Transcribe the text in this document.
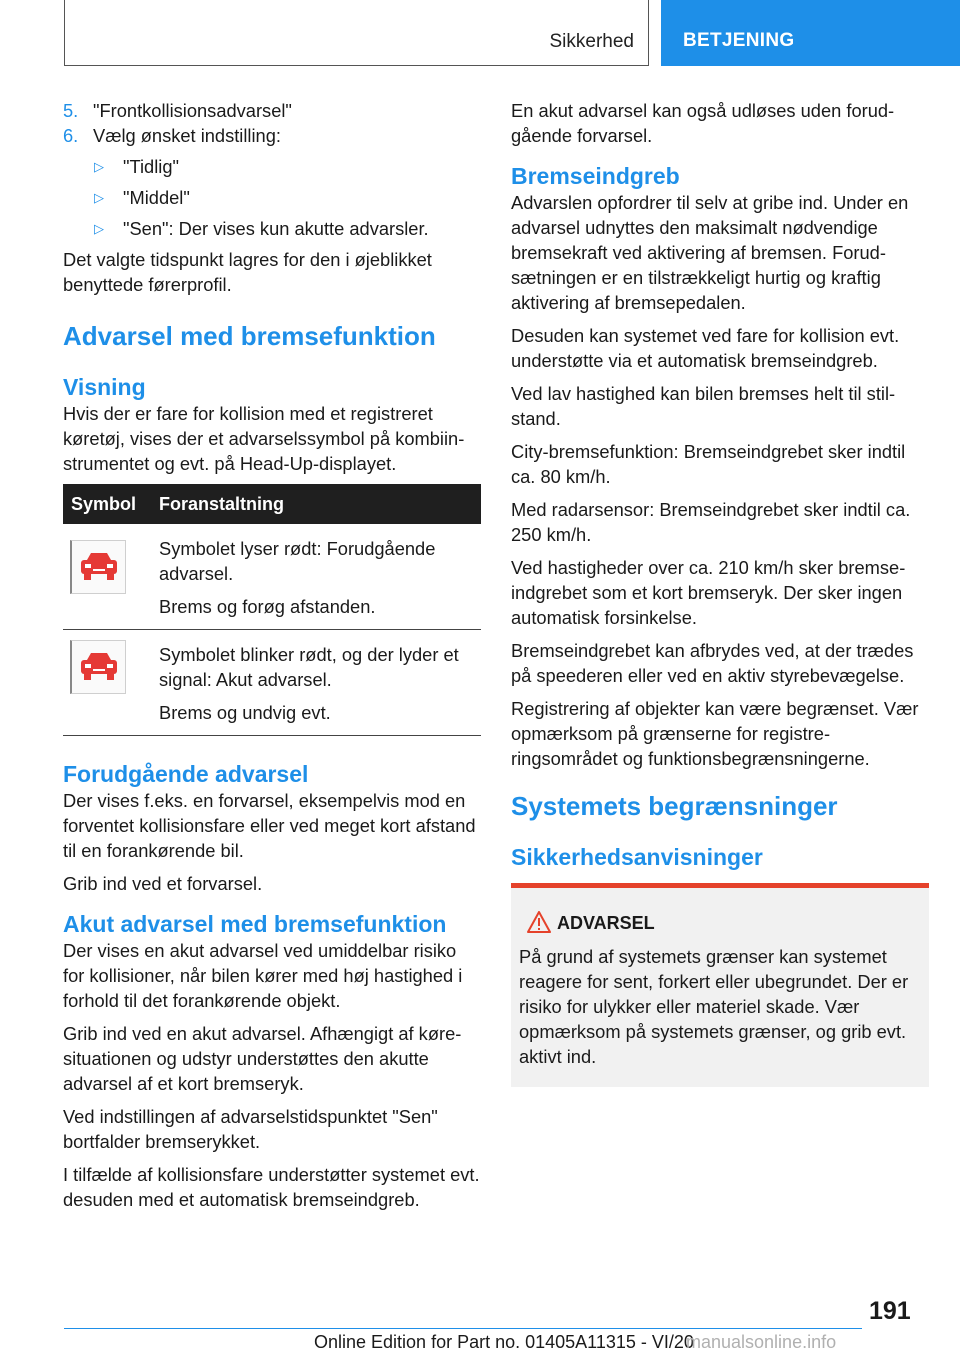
Sikkerhed	BETJENING
5. "Frontkollisionsadvarsel"
6. Vælg ønsket indstilling:
▷ "Tidlig"
▷ "Middel"
▷ "Sen": Der vises kun akutte advarsler.

Det valgte tidspunkt lagres for den i øjeblikket benyttede førerprofil.

Advarsel med bremsefunktion
Visning

Hvis der er fare for kollision med et registreret køretøj, vises der et advarselssymbol på kombiinstrumentet og evt. på Head-Up-displayet.

Symbol	Foranstaltning

Symbolet lyser rødt: Forudgående advarsel.
Brems og forøg afstanden.

Symbolet blinker rødt, og der lyder et signal: Akut advarsel.
Brems og undvig evt.
Forudgående advarsel

Der vises f.eks. en forvarsel, eksempelvis mod en forventet kollisionsfare eller ved meget kort afstand til en forankørende bil.

Grib ind ved et forvarsel.

Akut advarsel med bremsefunktion

Der vises en akut advarsel ved umiddelbar risiko for kollisioner, når bilen kører med høj hastighed i forhold til det forankørende objekt.

Grib ind ved en akut advarsel. Afhængigt af køresituationen og udstyr understøttes den akutte advarsel af et kort bremseryk.

Ved indstillingen af advarselstidspunktet "Sen" bortfalder bremserykket.

I tilfælde af kollisionsfare understøtter systemet evt. desuden med et automatisk bremseindgreb.

En akut advarsel kan også udløses uden forudgående forvarsel.

Bremseindgreb

Advarslen opfordrer til selv at gribe ind. Under en advarsel udnyttes den maksimalt nødvendige bremsekraft ved aktivering af bremsen. Forudsætningen er en tilstrækkeligt hurtig og kraftig aktivering af bremsepedalen.

Desuden kan systemet ved fare for kollision evt. understøtte via et automatisk bremseindgreb.

Ved lav hastighed kan bilen bremses helt til stilstand.

City-bremsefunktion: Bremseindgrebet sker indtil ca. 80 km/h.

Med radarsensor: Bremseindgrebet sker indtil ca. 250 km/h.

Ved hastigheder over ca. 210 km/h sker bremseindgrebet som et kort bremseryk. Der sker ingen automatisk forsinkelse.

Bremseindgrebet kan afbrydes ved, at der trædes på speederen eller ved en aktiv styrebevægelse.

Registrering af objekter kan være begrænset. Vær opmærksom på grænserne for registreringsområdet og funktionsbegrænsningerne.

Systemets begrænsninger
Sikkerhedsanvisninger
ADVARSEL

På grund af systemets grænser kan systemet reagere for sent, forkert eller ubegrundet. Der er risiko for ulykker eller materiel skade. Vær opmærksom på systemets grænser, og grib evt. aktivt ind.

191
Online Edition for Part no. 01405A11315 - VI/20
manualsonline.info
